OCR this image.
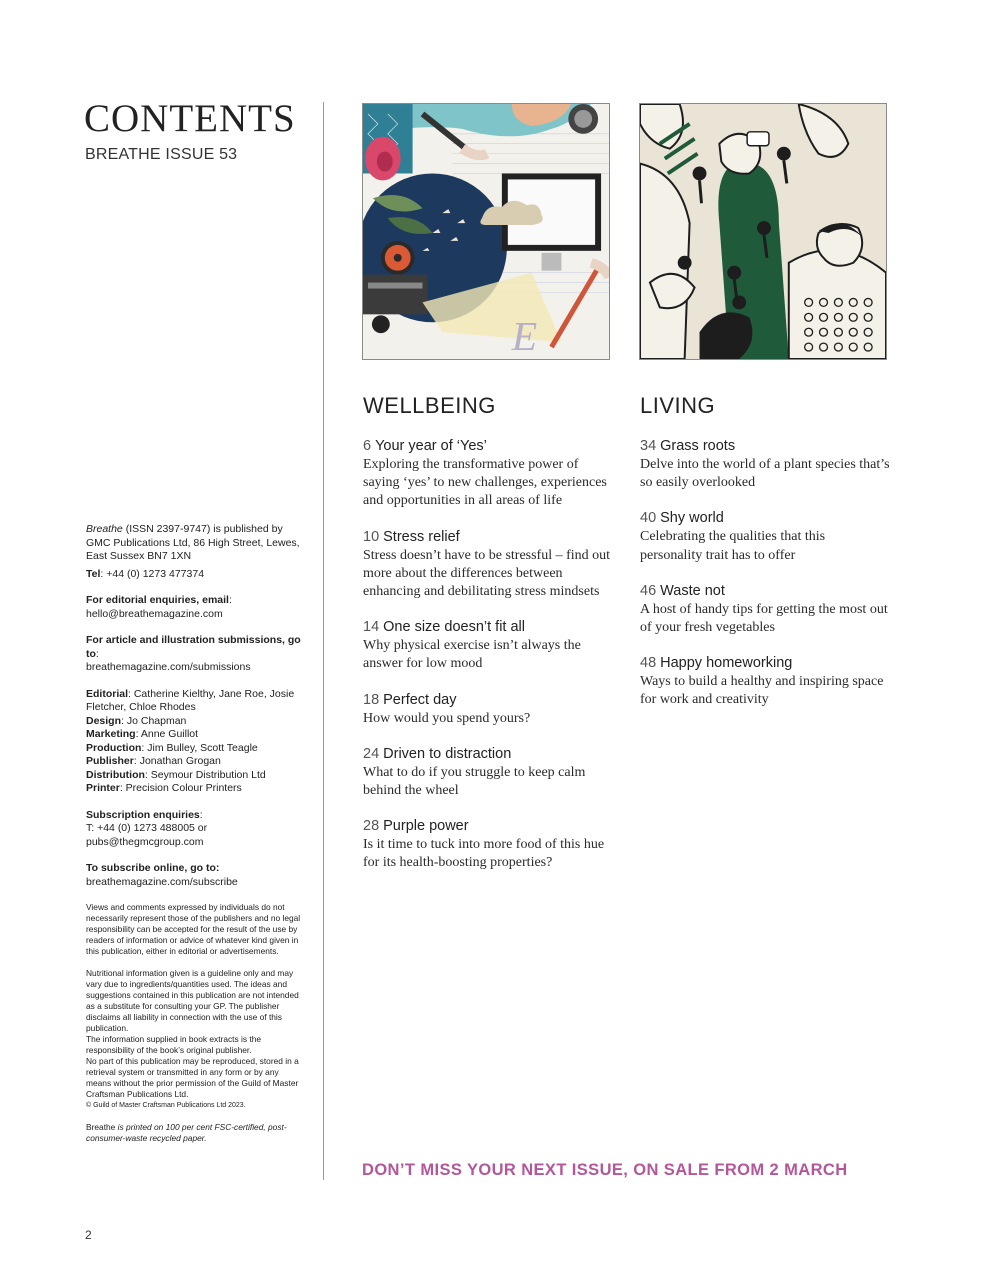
CONTENTS
BREATHE ISSUE 53

Breathe (ISSN 2397-9747) is published by GMC Publications Ltd, 86 High Street, Lewes, East Sussex BN7 1XN

Tel: +44 (0) 1273 477374

For editorial enquiries, email:
hello@breathemagazine.com

For article and illustration submissions, go to:
breathemagazine.com/submissions

Editorial: Catherine Kielthy, Jane Roe, Josie Fletcher, Chloe Rhodes
Design: Jo Chapman
Marketing: Anne Guillot
Production: Jim Bulley, Scott Teagle
Publisher: Jonathan Grogan
Distribution: Seymour Distribution Ltd
Printer: Precision Colour Printers

Subscription enquiries:
T: +44 (0) 1273 488005 or pubs@thegmcgroup.com

To subscribe online, go to:
breathemagazine.com/subscribe

Views and comments expressed by individuals do not necessarily represent those of the publishers and no legal responsibility can be accepted for the result of the use by readers of information or advice of whatever kind given in this publication, either in editorial or advertisements.

Nutritional information given is a guideline only and may vary due to ingredients/quantities used. The ideas and suggestions contained in this publication are not intended as a substitute for consulting your GP. The publisher disclaims all liability in connection with the use of this publication.

The information supplied in book extracts is the responsibility of the book’s original publisher.

No part of this publication may be reproduced, stored in a retrieval system or transmitted in any form or by any means without the prior permission of the Guild of Master Craftsman Publications Ltd.

© Guild of Master Craftsman Publications Ltd 2023.

Breathe is printed on 100 per cent FSC-certified, post-consumer-waste recycled paper.

E
WELLBEING
6 Your year of ‘Yes’
Exploring the transformative power of saying ‘yes’ to new challenges, experiences and opportunities in all areas of life
10 Stress relief
Stress doesn’t have to be stressful – find out more about the differences between enhancing and debilitating stress mindsets
14 One size doesn’t fit all
Why physical exercise isn’t always the answer for low mood
18 Perfect day
How would you spend yours?
24 Driven to distraction
What to do if you struggle to keep calm behind the wheel
28 Purple power
Is it time to tuck into more food of this hue for its health-boosting properties?
LIVING
34 Grass roots
Delve into the world of a plant species that’s so easily overlooked
40 Shy world
Celebrating the qualities that this personality trait has to offer
46 Waste not
A host of handy tips for getting the most out of your fresh vegetables
48 Happy homeworking
Ways to build a healthy and inspiring space for work and creativity
DON’T MISS YOUR NEXT ISSUE, ON SALE FROM 2 MARCH
2
